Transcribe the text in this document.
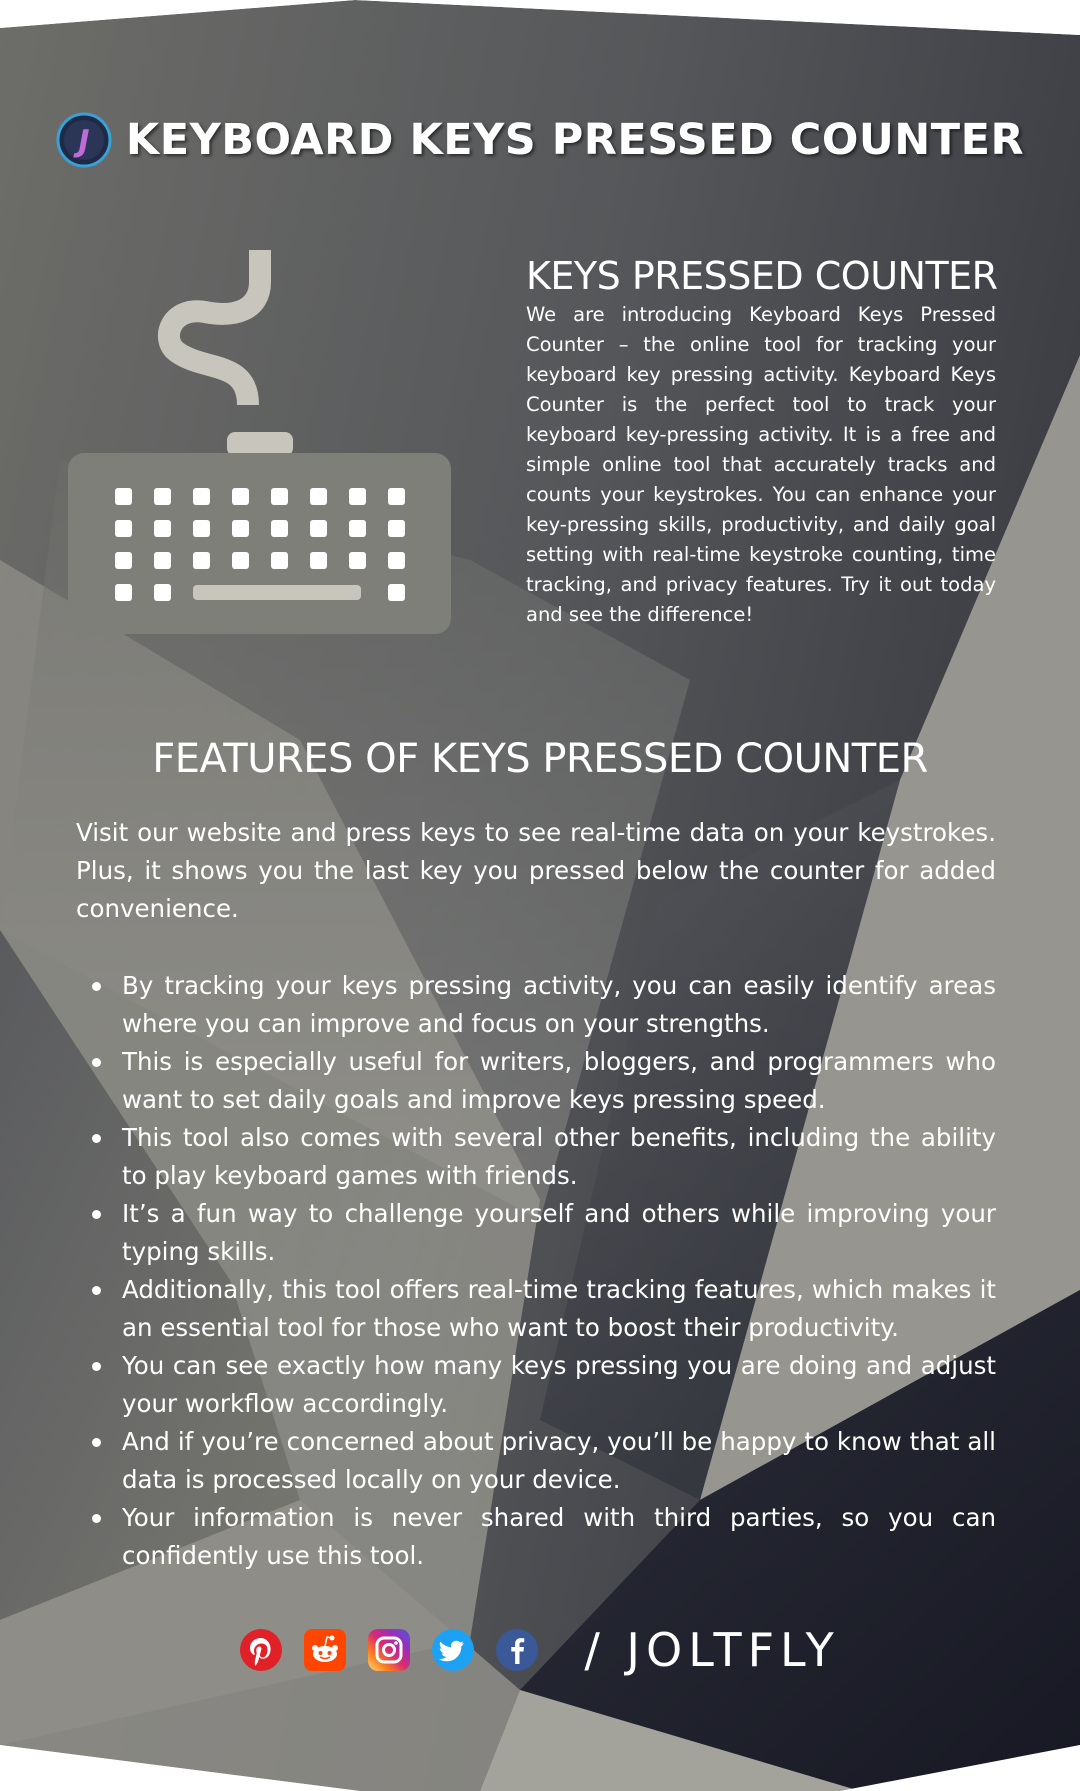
J KEYBOARD KEYS PRESSED COUNTER
KEYS PRESSED COUNTER

We are introducing Keyboard Keys Pressed Counter – the online tool for tracking your keyboard key pressing activity. Keyboard Keys Counter is the perfect tool to track your keyboard key-pressing activity. It is a free and simple online tool that accurately tracks and counts your keystrokes. You can enhance your key-pressing skills, productivity, and daily goal setting with real-time keystroke counting, time tracking, and privacy features. Try it out today and see the difference!

FEATURES OF KEYS PRESSED COUNTER

Visit our website and press keys to see real-time data on your keystrokes. Plus, it shows you the last key you pressed below the counter for added convenience.

By tracking your keys pressing activity, you can easily identify areas where you can improve and focus on your strengths.
This is especially useful for writers, bloggers, and programmers who want to set daily goals and improve keys pressing speed.
This tool also comes with several other benefits, including the ability to play keyboard games with friends.
It’s a fun way to challenge yourself and others while improving your typing skills.
Additionally, this tool offers real-time tracking features, which makes it an essential tool for those who want to boost their productivity.
You can see exactly how many keys pressing you are doing and adjust your workflow accordingly.
And if you’re concerned about privacy, you’ll be happy to know that all data is processed locally on your device.
Your information is never shared with third parties, so you can confidently use this tool.
/ JOLTFLY
